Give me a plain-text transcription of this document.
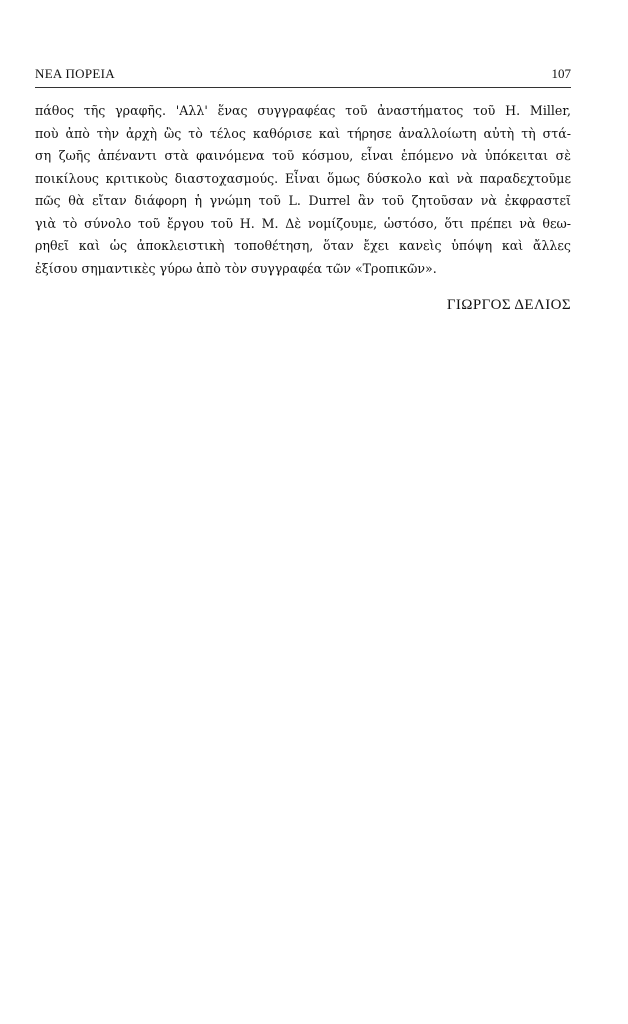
ΝΕΑ ΠΟΡΕΙΑ	107
πάθος τῆς γραφῆς. 'Αλλ' ἕνας συγγραφέας τοῦ ἀναστήματος τοῦ Η. Miller,
ποὺ ἀπὸ τὴν ἀρχὴ ὣς τὸ τέλος καθόρισε καὶ τήρησε ἀναλλοίωτη αὐτὴ τὴ στά-
ση ζωῆς ἀπέναντι στὰ φαινόμενα τοῦ κόσμου, εἶναι ἑπόμενο νὰ ὑπόκειται σὲ
ποικίλους κριτικοὺς διαστοχασμούς. Εἶναι ὅμως δύσκολο καὶ νὰ παραδεχτοῦμε
πῶς θὰ εἴταν διάφορη ἡ γνώμη τοῦ L. Durrel ἂν τοῦ ζητοῦσαν νὰ ἐκφραστεῖ
γιὰ τὸ σύνολο τοῦ ἔργου τοῦ Η. Μ. Δὲ νομίζουμε, ὡστόσο, ὅτι πρέπει νὰ θεω-
ρηθεῖ καὶ ὡς ἀποκλειστικὴ τοποθέτηση, ὅταν ἔχει κανεὶς ὑπόψη καὶ ἄλλες
ἐξίσου σημαντικὲς γύρω ἀπὸ τὸν συγγραφέα τῶν «Τροπικῶν».
ΓΙΩΡΓΟΣ ΔΕΛΙΟΣ
